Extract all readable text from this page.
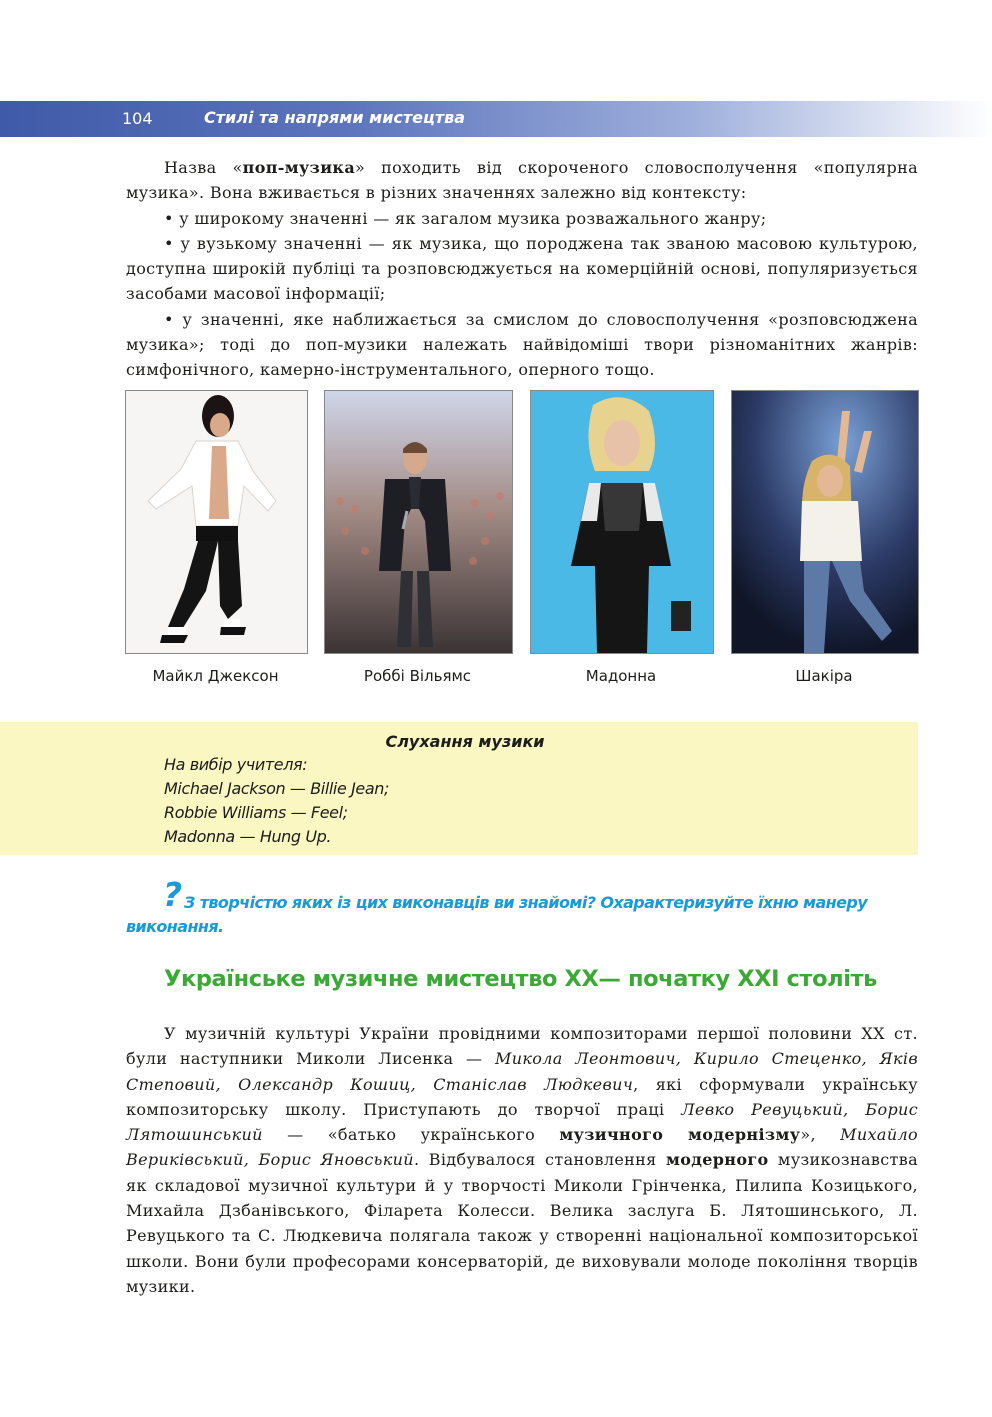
104	Стилі та напрями мистецтва

Назва «поп-музика» походить від скороченого словосполучення «популярна музика». Вона вживається в різних значеннях залежно від контексту:

• у широкому значенні — як загалом музика розважального жанру;

• у вузькому значенні — як музика, що породжена так званою масовою культурою, доступна широкій публіці та розповсюджується на комерційній основі, популяризується засобами масової інформації;

• у значенні, яке наближається за смислом до словосполучення «розповсюджена музика»; тоді до поп-музики належать найвідоміші твори різноманітних жанрів: симфонічного, камерно-інструментального, оперного тощо.

Майкл Джексон	Роббі Вільямс	Мадонна	Шакіра
Слухання музики
На вибір учителя:
Michael Jackson — Billie Jean;
Robbie Williams — Feel;
Madonna — Hung Up.
? З творчістю яких із цих виконавців ви знайомі? Охарактеризуйте їхню манеру виконання.
Українське музичне мистецтво ХХ— початку ХХІ століть
У музичній культурі України провідними композиторами першої половини ХХ ст. були наступники Миколи Лисенка — Микола Леонтович, Кирило Стеценко, Яків Степовий, Олександр Кошиц, Станіслав Людкевич, які сформували українську композиторську школу. Приступають до творчої праці Левко Ревуцький, Борис Лятошинський — «батько українського музичного модернізму», Михайло Вериківський, Борис Яновський. Відбувалося становлення модерного музикознавства як складової музичної культури й у творчості Миколи Грінченка, Пилипа Козицького, Михайла Дзбанівського, Філарета Колесси. Велика заслуга Б. Лятошинського, Л. Ревуцького та С. Людкевича полягала також у створенні національної композиторської школи. Вони були професорами консерваторій, де виховували молоде покоління творців музики.
